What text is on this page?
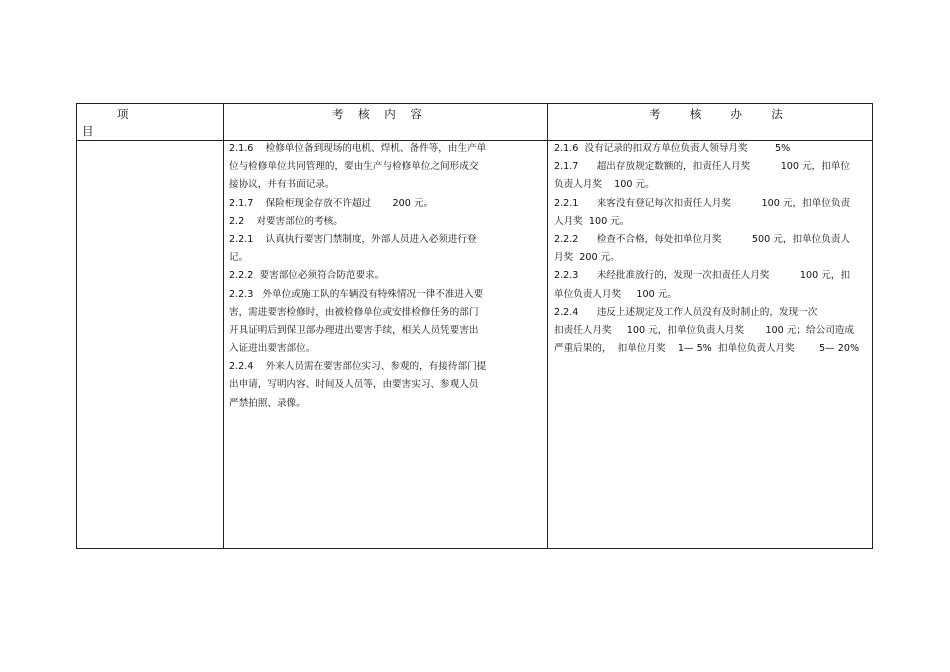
项
目
考    核    内    容	考        核        办        法
2.1.6    检修单位备到现场的电机、焊机、备件等，由生产单
位与检修单位共同管理的，要由生产与检修单位之间形成交
接协议，并有书面记录。
2.1.7    保险柜现金存放不许超过       200 元。
2.2    对要害部位的考核。
2.2.1    认真执行要害门禁制度，外部人员进入必须进行登
记。
2.2.2  要害部位必须符合防范要求。
2.2.3   外单位或施工队的车辆没有特殊情况一律不准进入要
害，需进要害检修时，由被检修单位或安排检修任务的部门
开具证明后到保卫部办理进出要害手续，相关人员凭要害出
入证进出要害部位。
2.2.4    外来人员需在要害部位实习、参观的，有接待部门提
出申请，写明内容、时间及人员等，由要害实习、参观人员
严禁拍照、录像。
2.1.6  没有记录的扣双方单位负责人领导月奖         5%
2.1.7      超出存放规定数额的，扣责任人月奖          100 元，扣单位
负责人月奖    100 元。
2.2.1      来客没有登记每次扣责任人月奖          100 元，扣单位负责
人月奖  100 元。
2.2.2      检查不合格，每处扣单位月奖          500 元，扣单位负责人
月奖  200 元。
2.2.3      未经批准放行的，发现一次扣责任人月奖          100 元，扣
单位负责人月奖     100 元。
2.2.4      违反上述规定及工作人员没有及时制止的，发现一次
扣责任人月奖     100 元，扣单位负责人月奖       100 元；给公司造成
严重后果的，  扣单位月奖    1— 5%  扣单位负责人月奖        5— 20%
